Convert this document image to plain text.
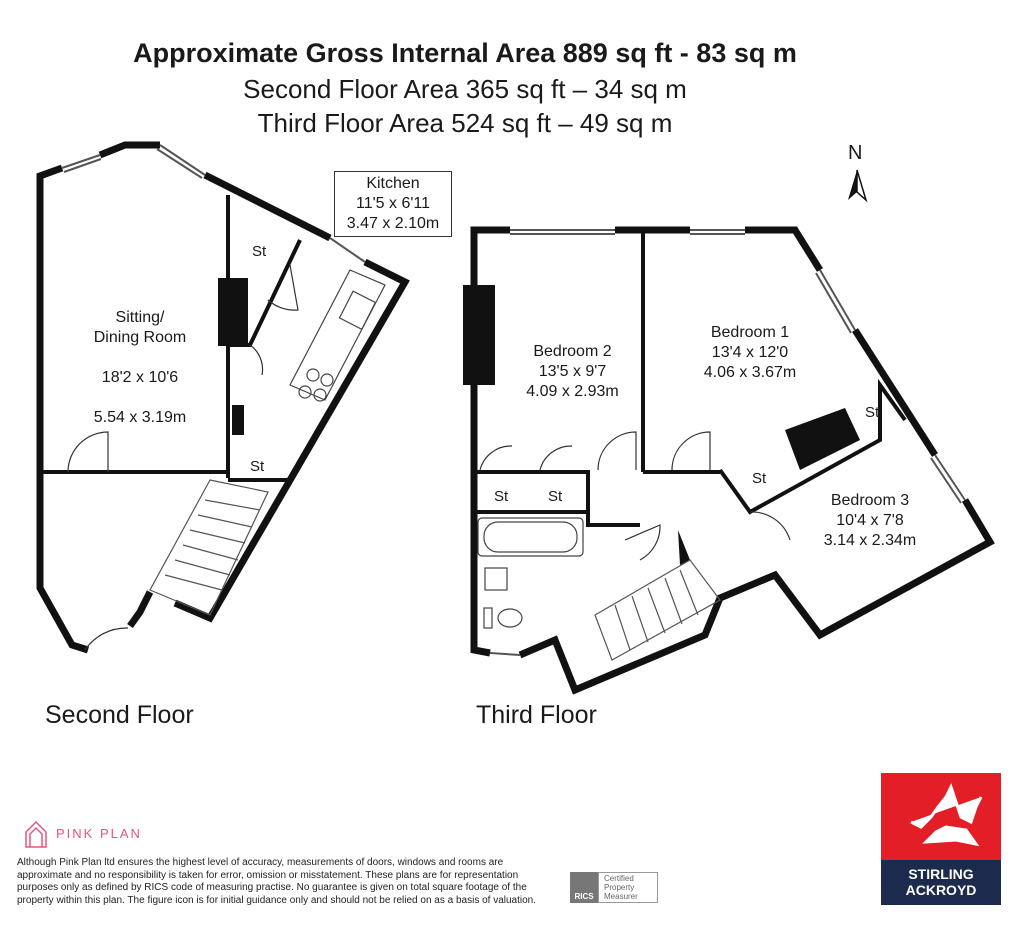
Approximate Gross Internal Area 889 sq ft - 83 sq m
Second Floor Area 365 sq ft – 34 sq m
Third Floor Area 524 sq ft – 49 sq m
N

Sitting/
Dining Room

18'2 x 10'6

5.54 x 3.19m

Kitchen
11'5 x 6'11
3.47 x 2.10m
St
St
Second Floor
Bedroom 2
13'5 x 9'7
4.09 x 2.93m
Bedroom 1
13'4 x 12'0
4.06 x 3.67m
Bedroom 3
10'4 x 7'8
3.14 x 2.34m
St	St
St
St
Third Floor
PINK PLAN
Although Pink Plan ltd ensures the highest level of accuracy, measurements of doors, windows and rooms are approximate and no responsibility is taken for error, omission or misstatement. These plans are for representation purposes only as defined by RICS code of measuring practise. No guarantee is given on total square footage of the property within this plan. The figure icon is for initial guidance only and should not be relied on as a basis of valuation.	RICS
Certified
Property
Measurer
STIRLING
ACKROYD
